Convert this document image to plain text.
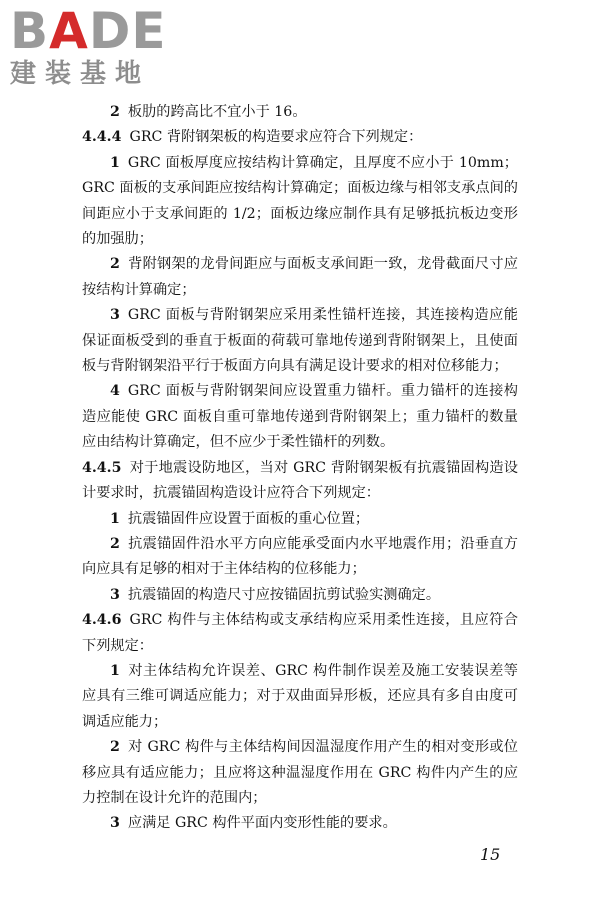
BADE
建装基地

2 板肋的跨高比不宜小于 16。

4.4.4 GRC 背附钢架板的构造要求应符合下列规定：

1 GRC 面板厚度应按结构计算确定，且厚度不应小于 10mm；GRC 面板的支承间距应按结构计算确定；面板边缘与相邻支承点间的间距应小于支承间距的 1/2；面板边缘应制作具有足够抵抗板边变形的加强肋；

2 背附钢架的龙骨间距应与面板支承间距一致，龙骨截面尺寸应按结构计算确定；

3 GRC 面板与背附钢架应采用柔性锚杆连接，其连接构造应能保证面板受到的垂直于板面的荷载可靠地传递到背附钢架上，且使面板与背附钢架沿平行于板面方向具有满足设计要求的相对位移能力；

4 GRC 面板与背附钢架间应设置重力锚杆。重力锚杆的连接构造应能使 GRC 面板自重可靠地传递到背附钢架上；重力锚杆的数量应由结构计算确定，但不应少于柔性锚杆的列数。

4.4.5 对于地震设防地区，当对 GRC 背附钢架板有抗震锚固构造设计要求时，抗震锚固构造设计应符合下列规定：

1 抗震锚固件应设置于面板的重心位置；

2 抗震锚固件沿水平方向应能承受面内水平地震作用；沿垂直方向应具有足够的相对于主体结构的位移能力；

3 抗震锚固的构造尺寸应按锚固抗剪试验实测确定。

4.4.6 GRC 构件与主体结构或支承结构应采用柔性连接，且应符合下列规定：

1 对主体结构允许误差、GRC 构件制作误差及施工安装误差等应具有三维可调适应能力；对于双曲面异形板，还应具有多自由度可调适应能力；

2 对 GRC 构件与主体结构间因温湿度作用产生的相对变形或位移应具有适应能力；且应将这种温湿度作用在 GRC 构件内产生的应力控制在设计允许的范围内；

3 应满足 GRC 构件平面内变形性能的要求。

15
